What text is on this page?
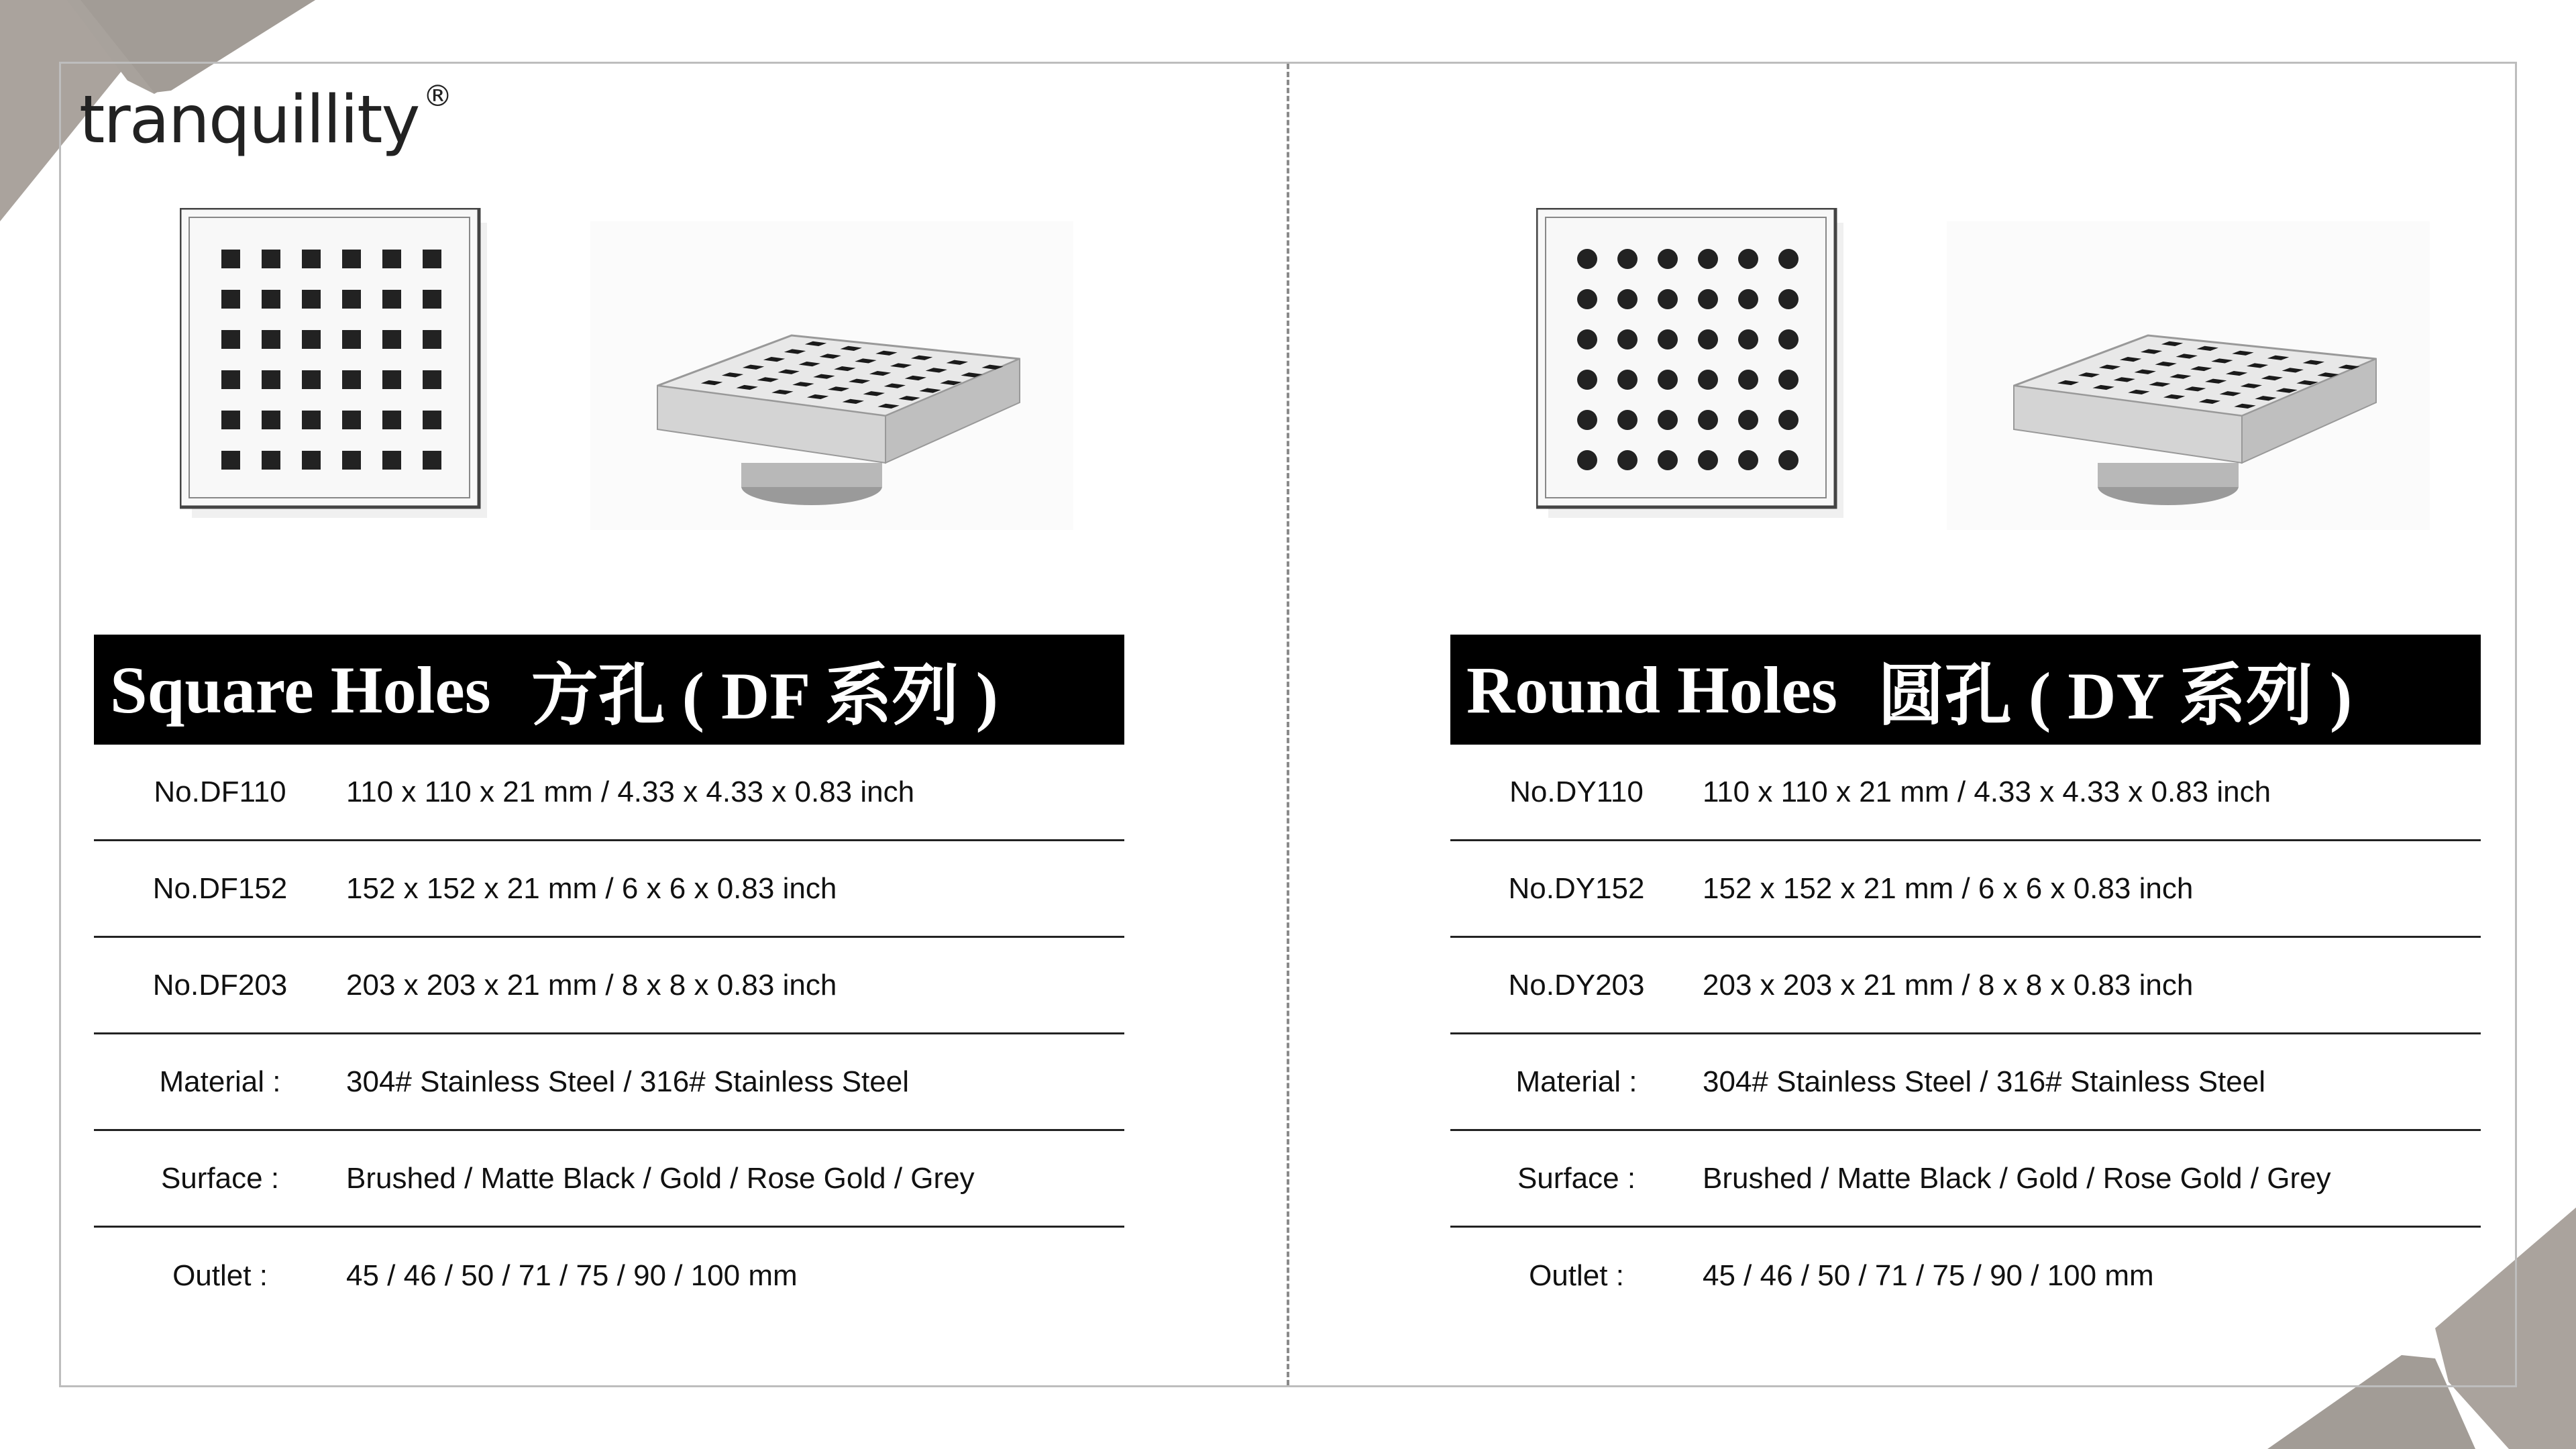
tranquillity ®
Square Holes 方孔 ( DF 系列 )
No.DF110	110 x 110 x 21 mm / 4.33 x 4.33 x 0.83 inch
No.DF152	152 x 152 x 21 mm / 6 x 6 x 0.83 inch
No.DF203	203 x 203 x 21 mm / 8 x 8 x 0.83 inch
Material :	304# Stainless Steel / 316# Stainless Steel
Surface :	Brushed / Matte Black / Gold / Rose Gold / Grey
Outlet :	45 / 46 / 50 / 71 / 75 / 90 / 100 mm
Round Holes 圆孔 ( DY 系列 )
No.DY110	110 x 110 x 21 mm / 4.33 x 4.33 x 0.83 inch
No.DY152	152 x 152 x 21 mm / 6 x 6 x 0.83 inch
No.DY203	203 x 203 x 21 mm / 8 x 8 x 0.83 inch
Material :	304# Stainless Steel / 316# Stainless Steel
Surface :	Brushed / Matte Black / Gold / Rose Gold / Grey
Outlet :	45 / 46 / 50 / 71 / 75 / 90 / 100 mm
